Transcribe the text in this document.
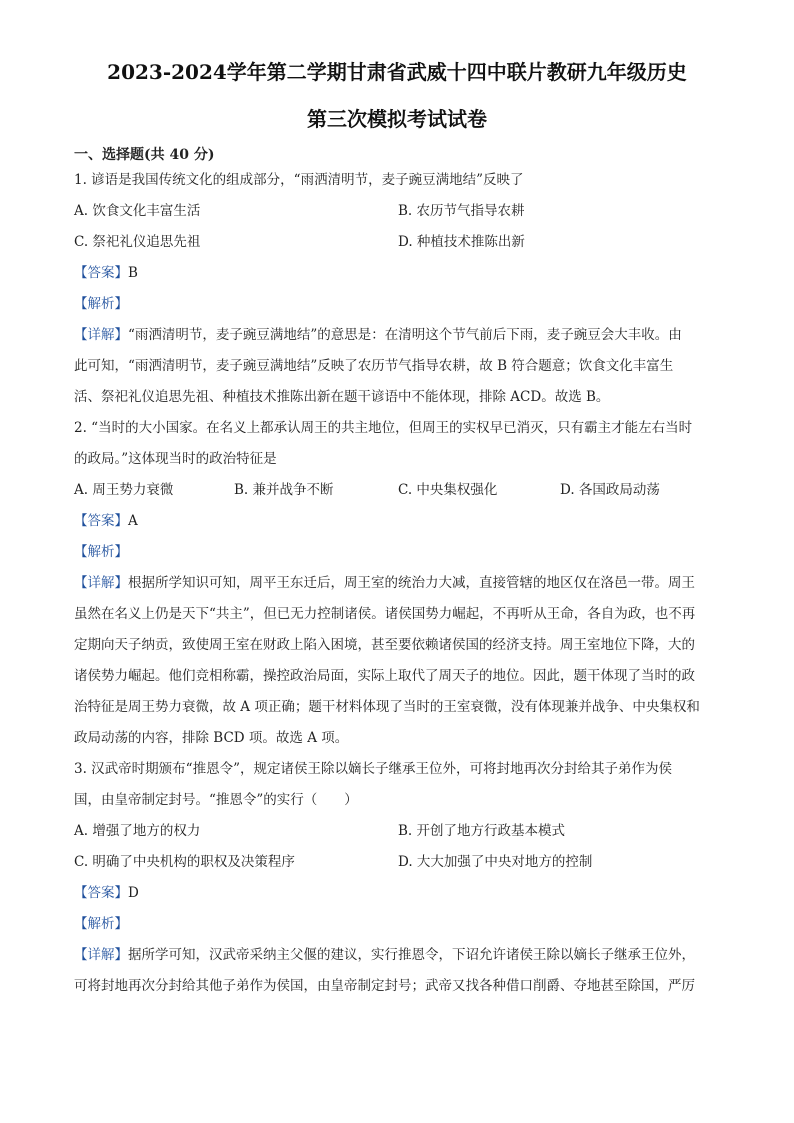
2023-2024学年第二学期甘肃省武威十四中联片教研九年级历史
第三次模拟考试试卷
一、选择题(共 40 分)
1. 谚语是我国传统文化的组成部分，“雨洒清明节，麦子豌豆满地结”反映了
A. 饮食文化丰富生活	B. 农历节气指导农耕
C. 祭祀礼仪追思先祖	D. 种植技术推陈出新
【答案】B
【解析】
【详解】“雨洒清明节，麦子豌豆满地结”的意思是：在清明这个节气前后下雨，麦子豌豆会大丰收。由
此可知，“雨洒清明节，麦子豌豆满地结”反映了农历节气指导农耕，故 B 符合题意；饮食文化丰富生
活、祭祀礼仪追思先祖、种植技术推陈出新在题干谚语中不能体现，排除 ACD。故选 B。
2. “当时的大小国家。在名义上都承认周王的共主地位，但周王的实权早已消灭，只有霸主才能左右当时
的政局。”这体现当时的政治特征是
A. 周王势力衰微	B. 兼并战争不断	C. 中央集权强化	D. 各国政局动荡
【答案】A
【解析】
【详解】根据所学知识可知，周平王东迁后，周王室的统治力大减，直接管辖的地区仅在洛邑一带。周王
虽然在名义上仍是天下“共主”，但已无力控制诸侯。诸侯国势力崛起，不再听从王命，各自为政，也不再
定期向天子纳贡，致使周王室在财政上陷入困境，甚至要依赖诸侯国的经济支持。周王室地位下降，大的
诸侯势力崛起。他们竞相称霸，操控政治局面，实际上取代了周天子的地位。因此，题干体现了当时的政
治特征是周王势力衰微，故 A 项正确；题干材料体现了当时的王室衰微，没有体现兼并战争、中央集权和
政局动荡的内容，排除 BCD 项。故选 A 项。
3. 汉武帝时期颁布“推恩令”，规定诸侯王除以嫡长子继承王位外，可将封地再次分封给其子弟作为侯
国，由皇帝制定封号。“推恩令”的实行（　　）
A. 增强了地方的权力	B. 开创了地方行政基本模式
C. 明确了中央机构的职权及决策程序	D. 大大加强了中央对地方的控制
【答案】D
【解析】
【详解】据所学可知，汉武帝采纳主父偃的建议，实行推恩令，下诏允许诸侯王除以嫡长子继承王位外，
可将封地再次分封给其他子弟作为侯国，由皇帝制定封号；武帝又找各种借口削爵、夺地甚至除国，严厉
